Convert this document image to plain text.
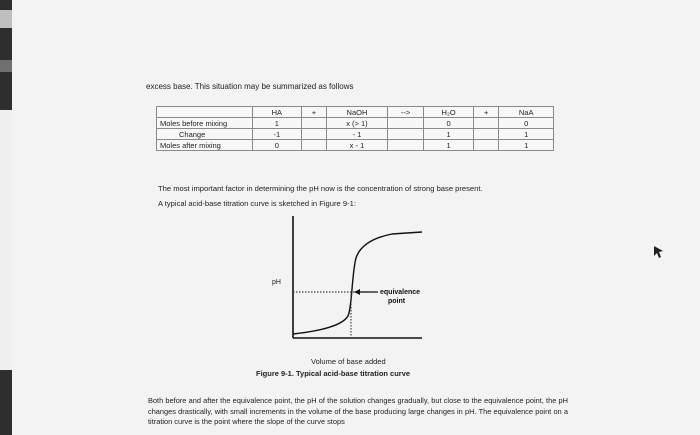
excess base. This situation may be summarized as follows
	HA	+	NaOH	-->	H₂O	+	NaA
Moles before mixing	1		x (> 1)		0		0
Change	-1		- 1		1		1
Moles after mixing	0		x - 1		1		1
The most important factor in determining the pH now is the concentration of strong base present.
A typical acid-base titration curve is sketched in Figure 9-1:
pH
equivalence
point
Volume of base added
Figure 9-1. Typical acid-base titration curve
Both before and after the equivalence point, the pH of the solution changes gradually, but close to the equivalence point, the pH changes drastically, with small increments in the volume of the base producing large changes in pH. The equivalence point on a titration curve is the point where the slope of the curve stops
